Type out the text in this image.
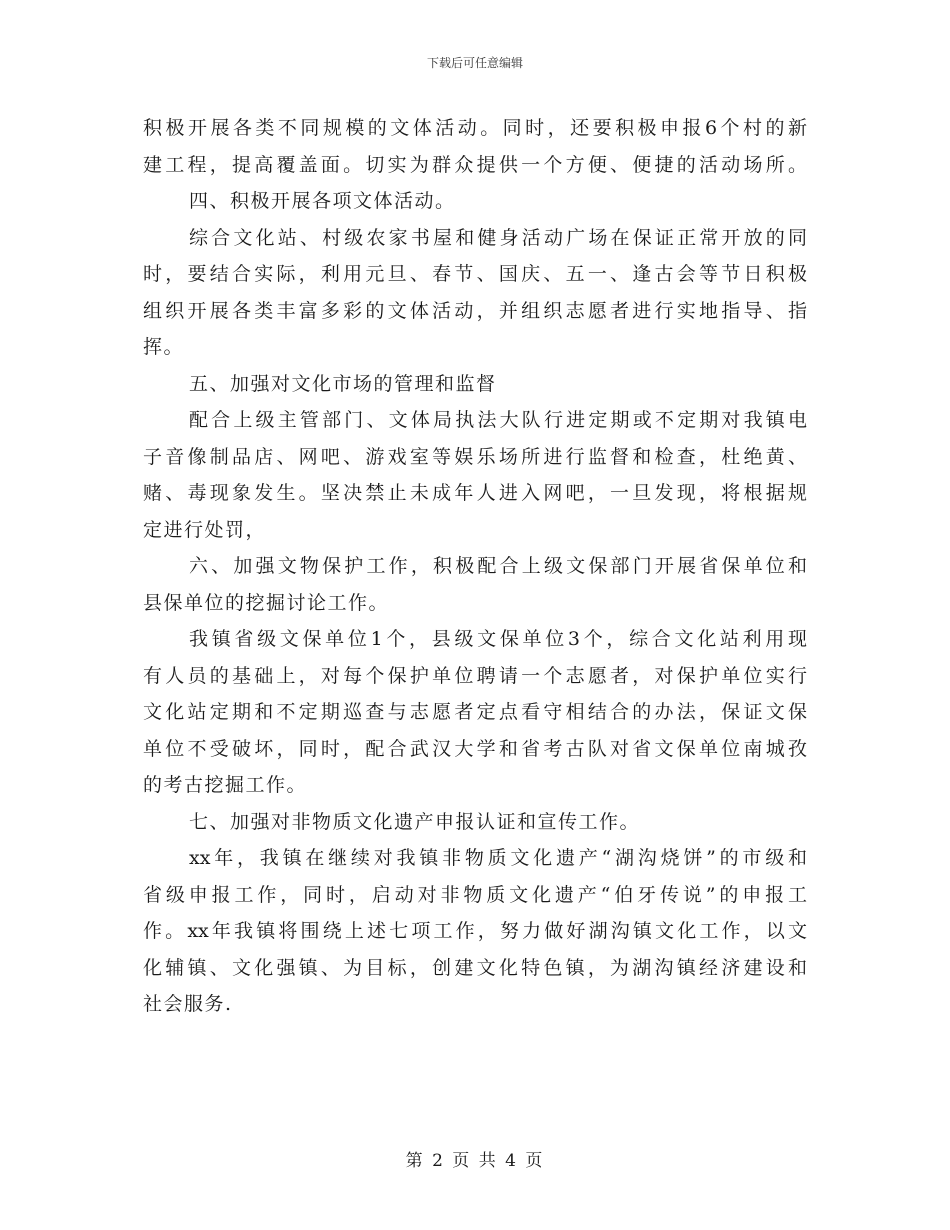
下载后可任意编辑
积极开展各类不同规模的文体活动。同时，还要积极申报6个村的新
建工程，提高覆盖面。切实为群众提供一个方便、便捷的活动场所。
四、积极开展各项文体活动。
综合文化站、村级农家书屋和健身活动广场在保证正常开放的同
时，要结合实际，利用元旦、春节、国庆、五一、逢古会等节日积极
组织开展各类丰富多彩的文体活动，并组织志愿者进行实地指导、指
挥。
五、加强对文化市场的管理和监督
配合上级主管部门、文体局执法大队行进定期或不定期对我镇电
子音像制品店、网吧、游戏室等娱乐场所进行监督和检查，杜绝黄、
赌、毒现象发生。坚决禁止未成年人进入网吧，一旦发现，将根据规
定进行处罚，
六、加强文物保护工作，积极配合上级文保部门开展省保单位和
县保单位的挖掘讨论工作。
我镇省级文保单位1个，县级文保单位3个，综合文化站利用现
有人员的基础上，对每个保护单位聘请一个志愿者，对保护单位实行
文化站定期和不定期巡查与志愿者定点看守相结合的办法，保证文保
单位不受破坏，同时，配合武汉大学和省考古队对省文保单位南城孜
的考古挖掘工作。
七、加强对非物质文化遗产申报认证和宣传工作。
xx年，我镇在继续对我镇非物质文化遗产“湖沟烧饼”的市级和
省级申报工作，同时，启动对非物质文化遗产“伯牙传说”的申报工
作。xx年我镇将围绕上述七项工作，努力做好湖沟镇文化工作，以文
化辅镇、文化强镇、为目标，创建文化特色镇，为湖沟镇经济建设和
社会服务.
第 2 页 共 4 页
